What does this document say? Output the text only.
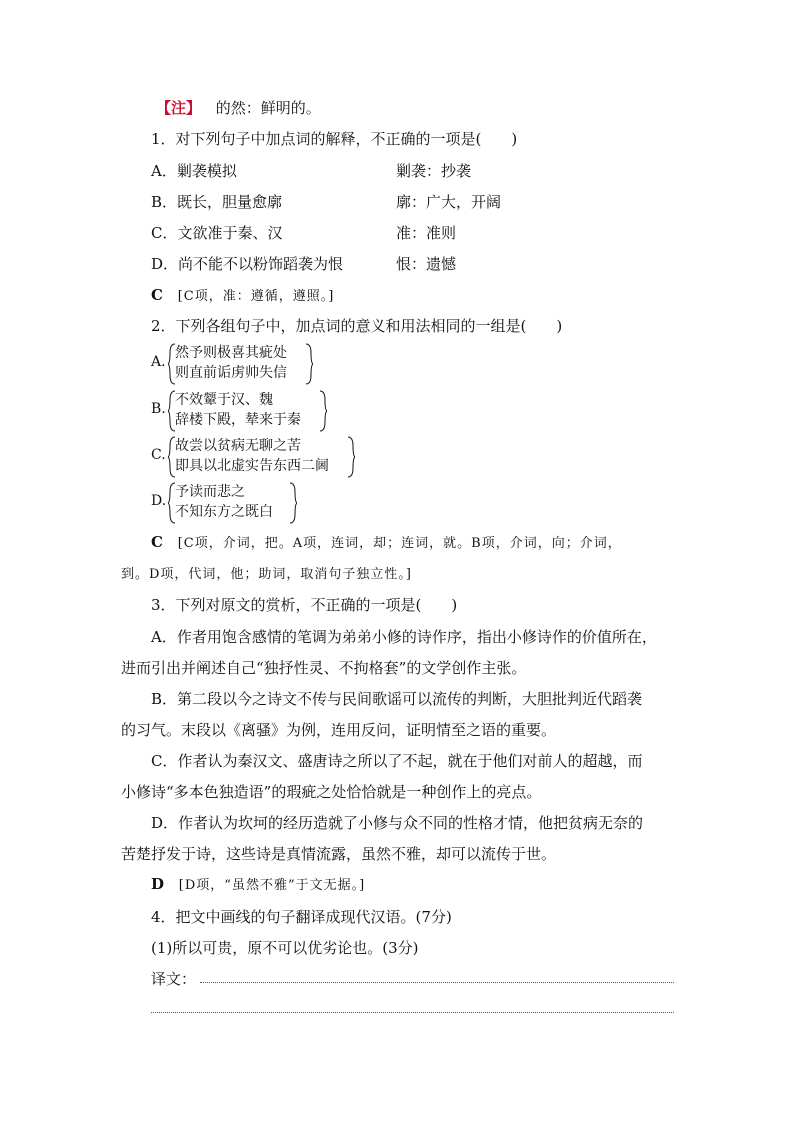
【注】 的然：鲜明的。
1．对下列句子中加点词的解释，不正确的一项是(　　)
A．剿袭模拟	剿袭：抄袭
B．既长，胆量愈廓	廓：广大，开阔
C．文欲准于秦、汉	准：准则
D．尚不能不以粉饰蹈袭为恨	恨：遗憾
C [C项，准：遵循，遵照。]
2．下列各组句子中，加点词的意义和用法相同的一组是(　　)
A.
然予则极喜其疵处
则直前诟虏帅失信
B.
不效颦于汉、魏
辞楼下殿，辇来于秦
C.
故尝以贫病无聊之苦
即具以北虚实告东西二阃
D.
予读而悲之
不知东方之既白
C [C项，介词，把。A项，连词，却；连词，就。B项，介词，向；介词，
到。D项，代词，他；助词，取消句子独立性。]
3．下列对原文的赏析，不正确的一项是(　　)
A．作者用饱含感情的笔调为弟弟小修的诗作序，指出小修诗作的价值所在，
进而引出并阐述自己“独抒性灵、不拘格套”的文学创作主张。
B．第二段以今之诗文不传与民间歌谣可以流传的判断，大胆批判近代蹈袭
的习气。末段以《离骚》为例，连用反问，证明情至之语的重要。
C．作者认为秦汉文、盛唐诗之所以了不起，就在于他们对前人的超越，而
小修诗“多本色独造语”的瑕疵之处恰恰就是一种创作上的亮点。
D．作者认为坎坷的经历造就了小修与众不同的性格才情，他把贫病无奈的
苦楚抒发于诗，这些诗是真情流露，虽然不雅，却可以流传于世。
D [D项，“虽然不雅”于文无据。]
4．把文中画线的句子翻译成现代汉语。(7分)
(1)所以可贵，原不可以优劣论也。(3分)
译文：
